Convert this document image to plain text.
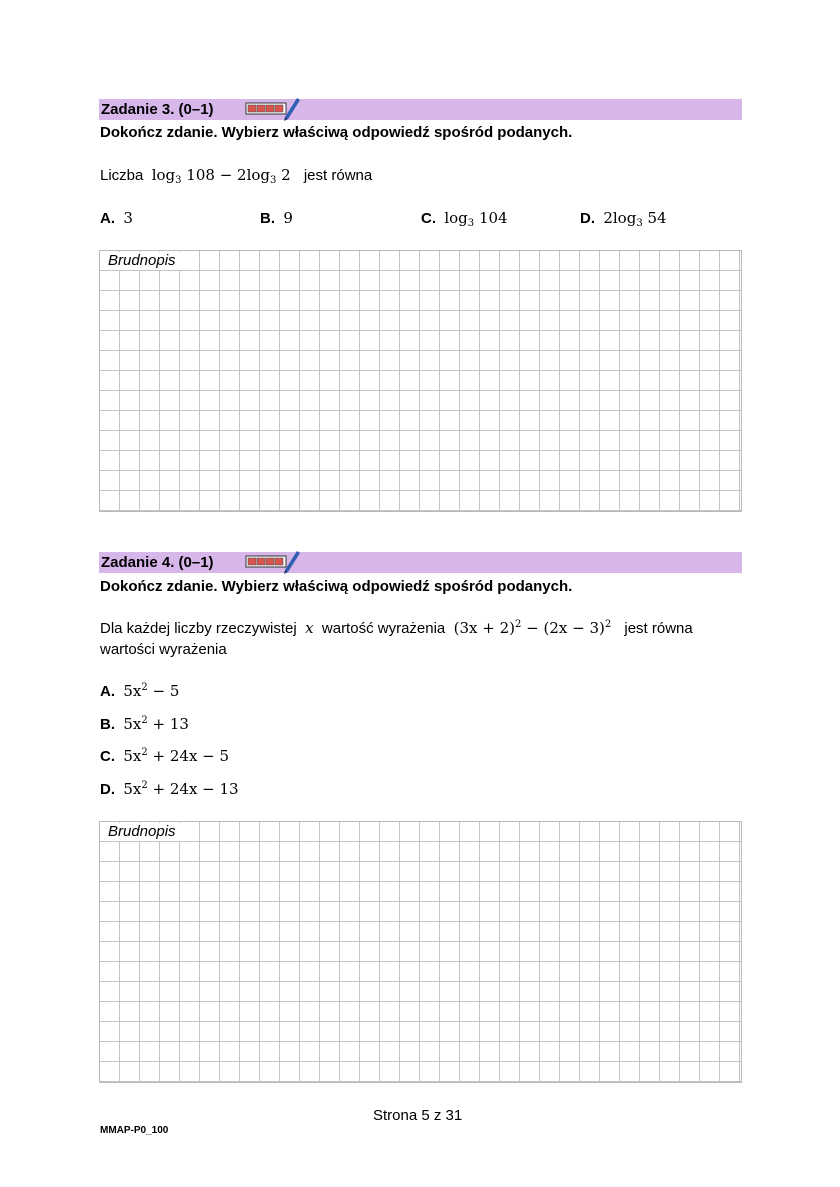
Zadanie 3. (0–1)
Dokończ zdanie. Wybierz właściwą odpowiedź spośród podanych.
Liczba $\log_3 108 - 2\log_3$ 2 jest równa
A. 3	B. 9	C. $\log_3 104$	D. $2\log_3$ 54
Brudnopis
Zadanie 4. (0–1)
Dokończ zdanie. Wybierz właściwą odpowiedź spośród podanych.
Dla każdej liczby rzeczywistej x wartość wyrażenia $(3x + 2)^2 - (2x - 3)^2$ jest równa
wartości wyrażenia
A. $5x^2 - 5$
B. $5x^2 + 13$
C. $5x^2 + 24x - 5$
D. $5x^2 + 24x - 13$
Brudnopis
Strona 5 z 31
MMAP-P0_100
